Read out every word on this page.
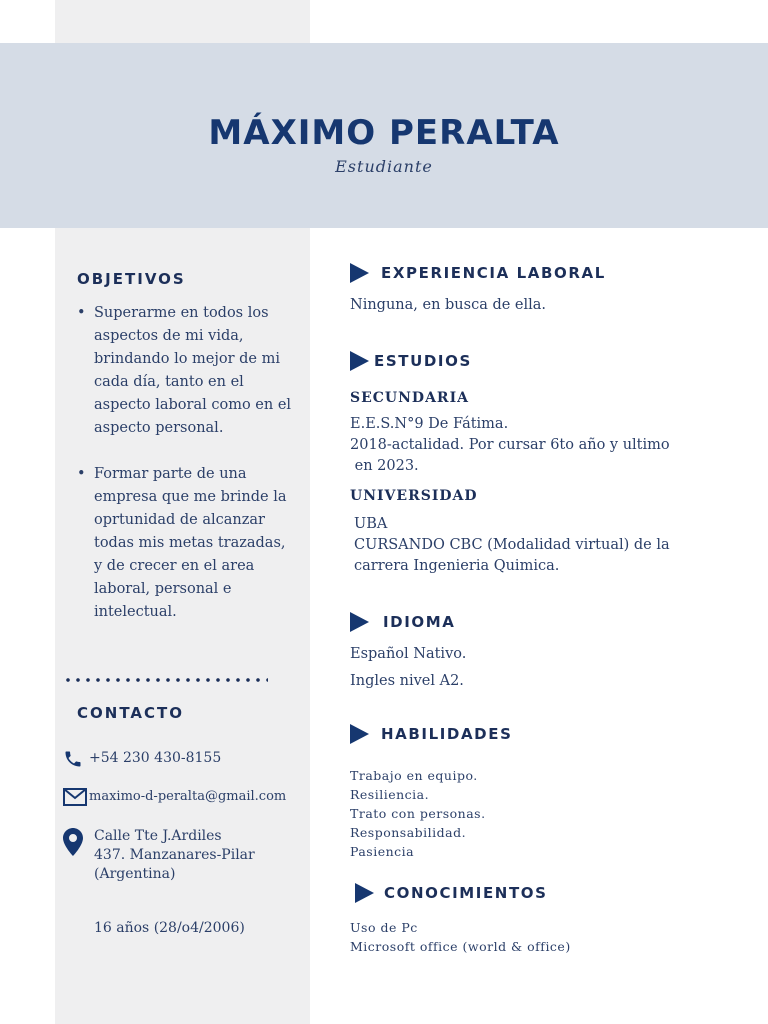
MÁXIMO PERALTA
Estudiante
OBJETIVOS
• Superarme en todos los aspectos de mi vida, brindando lo mejor de mi cada día, tanto en el aspecto laboral como en el aspecto personal.
• Formar parte de una empresa que me brinde la oprtunidad de alcanzar todas mis metas trazadas, y de crecer en el area laboral, personal e intelectual.
CONTACTO
+54 230 430-8155
maximo-d-peralta@gmail.com
Calle Tte J.Ardiles
437. Manzanares-Pilar
(Argentina)
16 años (28/o4/2006)
EXPERIENCIA LABORAL
Ninguna, en busca de ella.
ESTUDIOS
SECUNDARIA
E.E.S.N°9 De Fátima.
2018-actalidad. Por cursar 6to año y ultimo
en 2023.
UNIVERSIDAD
UBA
CURSANDO CBC (Modalidad virtual) de la
carrera Ingenieria Quimica.
IDIOMA
Español Nativo.
Ingles nivel A2.
HABILIDADES
Trabajo en equipo.
Resiliencia.
Trato con personas.
Responsabilidad.
Pasiencia
CONOCIMIENTOS
Uso de Pc
Microsoft office (world & office)
